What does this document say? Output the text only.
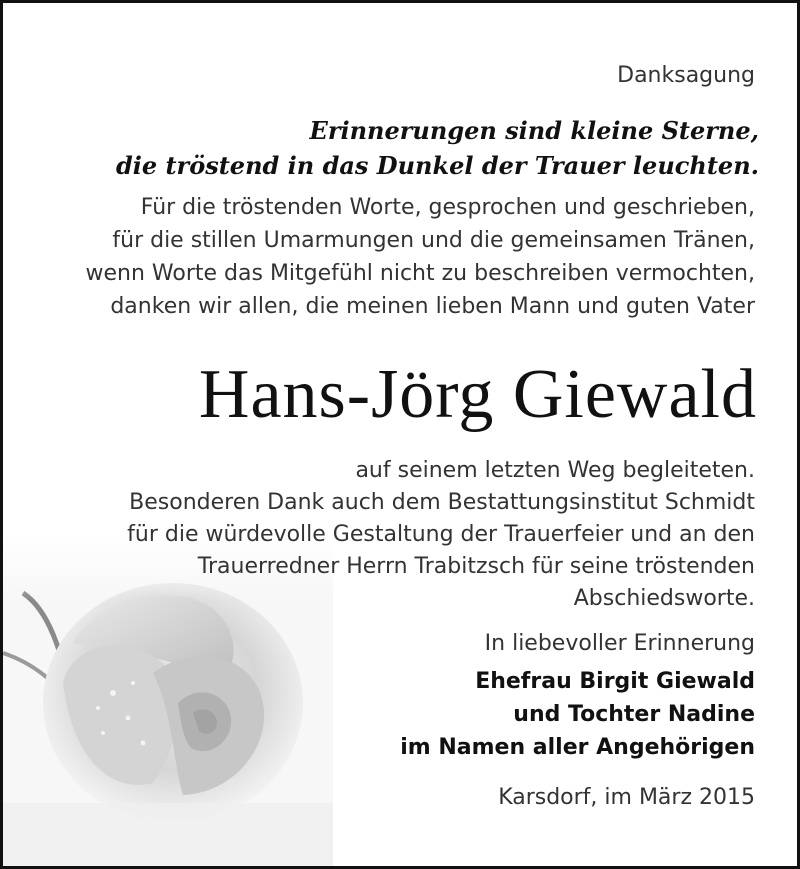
Danksagung
Erinnerungen sind kleine Sterne,
die tröstend in das Dunkel der Trauer leuchten.
Für die tröstenden Worte, gesprochen und geschrieben,
für die stillen Umarmungen und die gemeinsamen Tränen,
wenn Worte das Mitgefühl nicht zu beschreiben vermochten,
danken wir allen, die meinen lieben Mann und guten Vater
Hans-Jörg Giewald
auf seinem letzten Weg begleiteten.
Besonderen Dank auch dem Bestattungsinstitut Schmidt
für die würdevolle Gestaltung der Trauerfeier und an den
Trauerredner Herrn Trabitzsch für seine tröstenden
Abschiedsworte.
In liebevoller Erinnerung
Ehefrau Birgit Giewald
und Tochter Nadine
im Namen aller Angehörigen
Karsdorf, im März 2015
